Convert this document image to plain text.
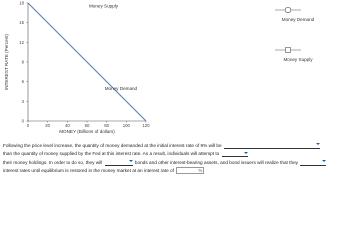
0	20	40	60	80	100	120
0
3
6
9
12
15
18
MONEY (Billions of dollars)
INTEREST RATE (Percent)
Money Supply
Money Demand
Money Demand
Money Supply
Following the price level increase, the quantity of money demanded at the initial interest rate of 9% will be
than the quantity of money supplied by the Fed at this interest rate. As a result, individuals will attempt to
their money holdings. In order to do so, they will	bonds and other interest-bearing assets, and bond issuers will realize that they
interest rates until equilibrium is restored in the money market at an interest rate of	%
